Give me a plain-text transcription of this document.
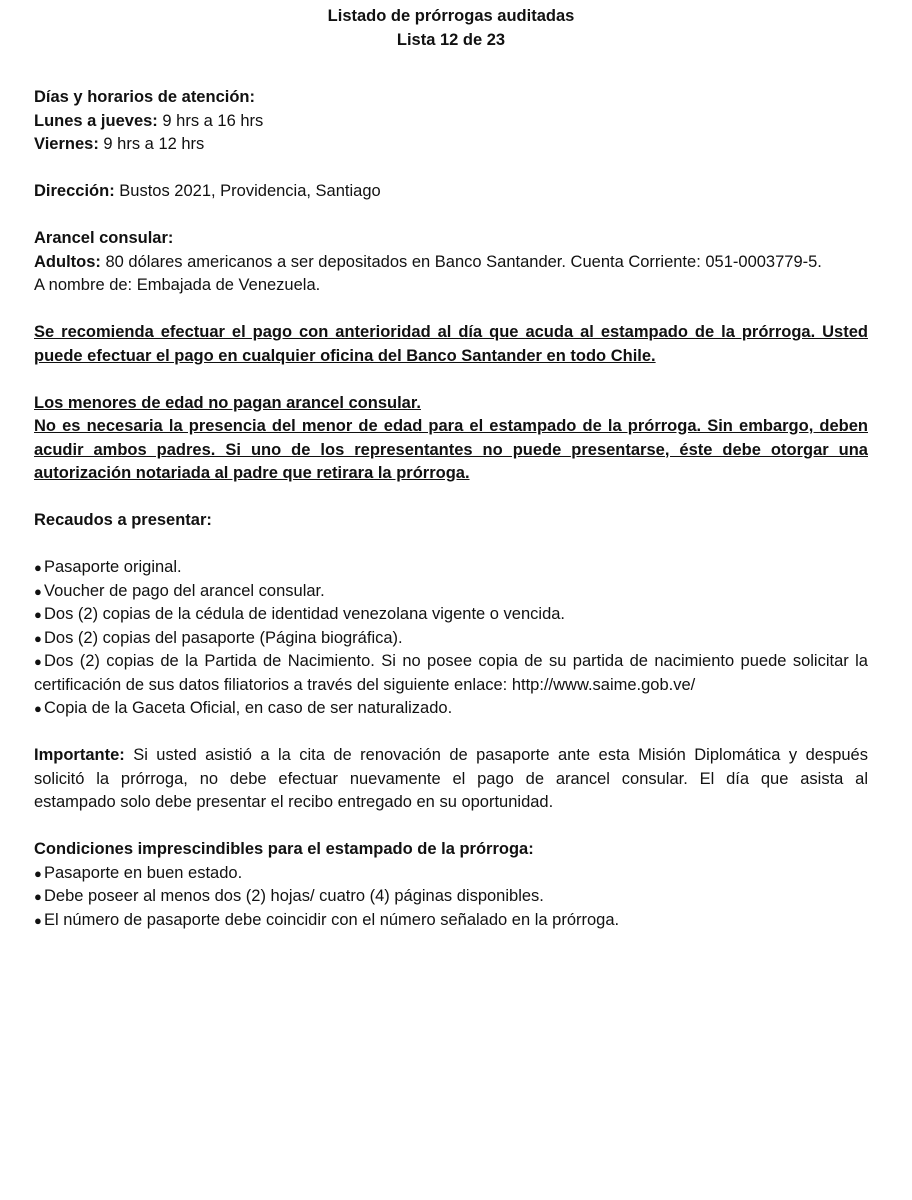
Listado de prórrogas auditadas
Lista 12 de 23
Días y horarios de atención:
Lunes a jueves: 9 hrs a 16 hrs
Viernes: 9 hrs a 12 hrs
Dirección: Bustos 2021, Providencia, Santiago
Arancel consular:
Adultos: 80 dólares americanos a ser depositados en Banco Santander. Cuenta Corriente: 051-0003779-5.
A nombre de: Embajada de Venezuela.
Se recomienda efectuar el pago con anterioridad al día que acuda al estampado de la prórroga. Usted
puede efectuar el pago en cualquier oficina del Banco Santander en todo Chile.
Los menores de edad no pagan arancel consular.
No es necesaria la presencia del menor de edad para el estampado de la prórroga. Sin embargo, deben
acudir ambos padres. Si uno de los representantes no puede presentarse, éste debe otorgar una
autorización notariada al padre que retirara la prórroga.
Recaudos a presentar:
● Pasaporte original.
● Voucher de pago del arancel consular.
● Dos (2) copias de la cédula de identidad venezolana vigente o vencida.
● Dos (2) copias del pasaporte (Página biográfica).
● Dos (2) copias de la Partida de Nacimiento. Si no posee copia de su partida de nacimiento puede solicitar la
certificación de sus datos filiatorios a través del siguiente enlace: http://www.saime.gob.ve/
● Copia de la Gaceta Oficial, en caso de ser naturalizado.
Importante: Si usted asistió a la cita de renovación de pasaporte ante esta Misión Diplomática y después
solicitó la prórroga, no debe efectuar nuevamente el pago de arancel consular. El día que asista al
estampado solo debe presentar el recibo entregado en su oportunidad.
Condiciones imprescindibles para el estampado de la prórroga:
● Pasaporte en buen estado.
● Debe poseer al menos dos (2) hojas/ cuatro (4) páginas disponibles.
● El número de pasaporte debe coincidir con el número señalado en la prórroga.
